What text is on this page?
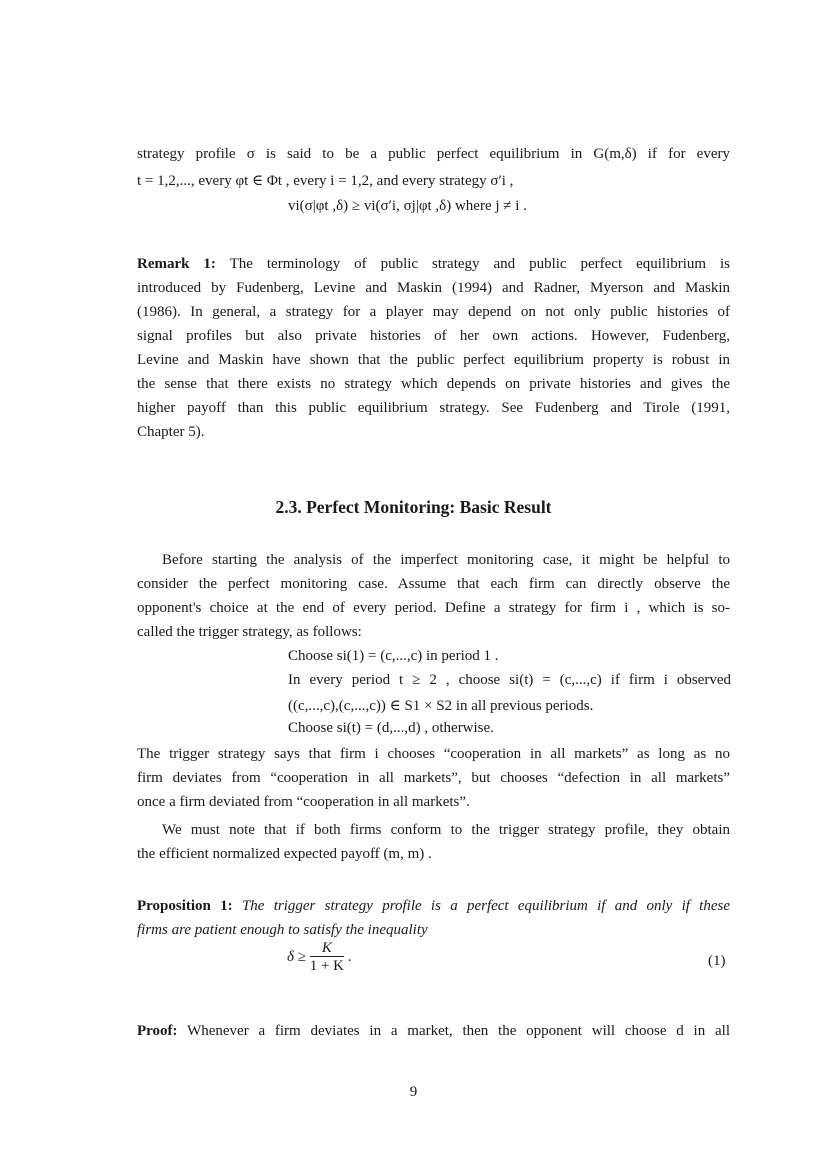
strategy profile σ is said to be a public perfect equilibrium in G(m,δ) if for every

t = 1,2,..., every φt ∈ Φt , every i = 1,2, and every strategy σ′i ,

vi(σ|φt ,δ) ≥ vi(σ′i, σj|φt ,δ) where j ≠ i .

Remark 1: The terminology of public strategy and public perfect equilibrium is

introduced by Fudenberg, Levine and Maskin (1994) and Radner, Myerson and Maskin

(1986). In general, a strategy for a player may depend on not only public histories of

signal profiles but also private histories of her own actions. However, Fudenberg,

Levine and Maskin have shown that the public perfect equilibrium property is robust in

the sense that there exists no strategy which depends on private histories and gives the

higher payoff than this public equilibrium strategy. See Fudenberg and Tirole (1991,

Chapter 5).

2.3. Perfect Monitoring: Basic Result

Before starting the analysis of the imperfect monitoring case, it might be helpful to

consider the perfect monitoring case. Assume that each firm can directly observe the

opponent's choice at the end of every period. Define a strategy for firm i , which is so-

called the trigger strategy, as follows:

Choose si(1) = (c,...,c) in period 1 .

In every period t ≥ 2 , choose si(t) = (c,...,c) if firm i observed

((c,...,c),(c,...,c)) ∈ S1 × S2 in all previous periods.

Choose si(t) = (d,...,d) , otherwise.

The trigger strategy says that firm i chooses “cooperation in all markets” as long as no

firm deviates from “cooperation in all markets”, but chooses “defection in all markets”

once a firm deviated from “cooperation in all markets”.

We must note that if both firms conform to the trigger strategy profile, they obtain

the efficient normalized expected payoff (m, m) .

Proposition 1: The trigger strategy profile is a perfect equilibrium if and only if these

firms are patient enough to satisfy the inequality

$\delta \ge \frac{K}{1 + K}$ .	(1)

Proof: Whenever a firm deviates in a market, then the opponent will choose d in all

9
